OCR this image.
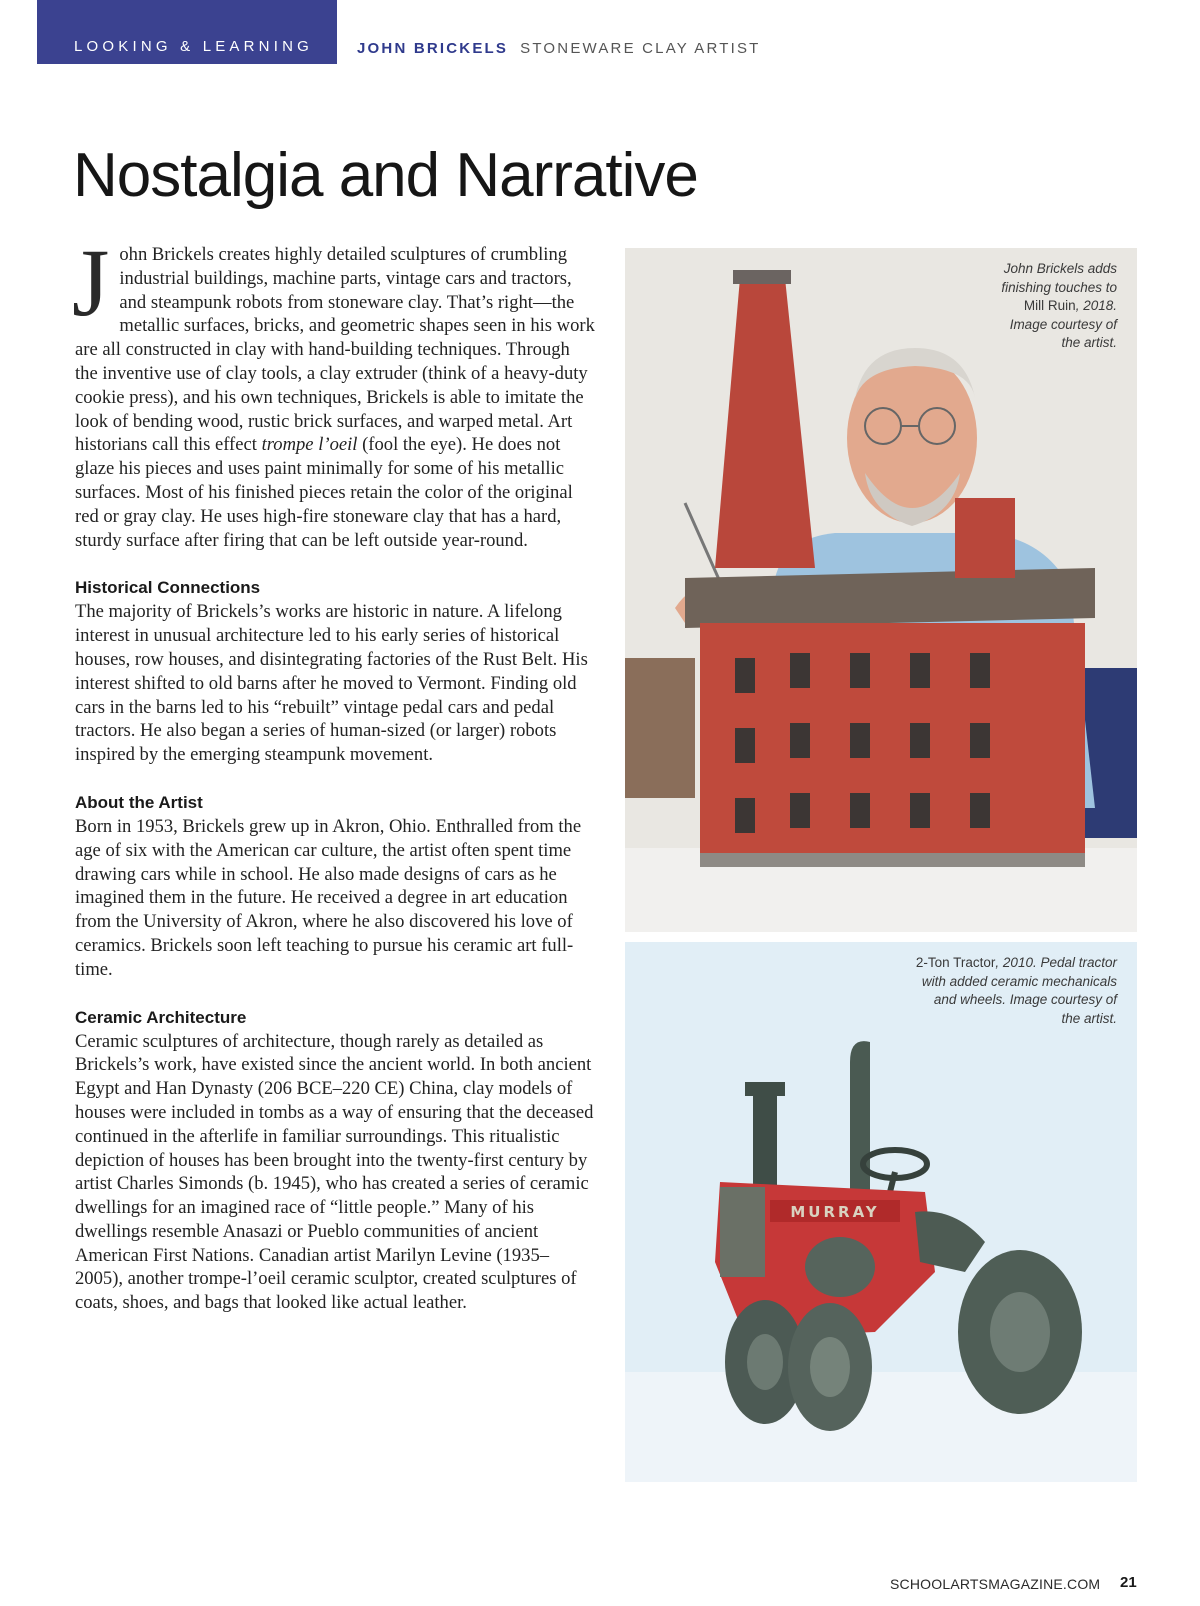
LOOKING & LEARNING	JOHN BRICKELS STONEWARE CLAY ARTIST
Nostalgia and Narrative

John Brickels creates highly detailed sculptures of crumbling industrial buildings, machine parts, vintage cars and tractors, and steampunk robots from stoneware clay. That’s right—the metallic surfaces, bricks, and geometric shapes seen in his work are all constructed in clay with hand-building techniques. Through the inventive use of clay tools, a clay extruder (think of a heavy-duty cookie press), and his own techniques, Brickels is able to imitate the look of bending wood, rustic brick surfaces, and warped metal. Art historians call this effect trompe l’oeil (fool the eye). He does not glaze his pieces and uses paint minimally for some of his metallic surfaces. Most of his finished pieces retain the color of the original red or gray clay. He uses high-fire stoneware clay that has a hard, sturdy surface after firing that can be left outside year-round.

Historical Connections

The majority of Brickels’s works are historic in nature. A lifelong interest in unusual architecture led to his early series of historical houses, row houses, and disintegrating factories of the Rust Belt. His interest shifted to old barns after he moved to Vermont. Finding old cars in the barns led to his “rebuilt” vintage pedal cars and pedal tractors. He also began a series of human-sized (or larger) robots inspired by the emerging steampunk movement.

About the Artist

Born in 1953, Brickels grew up in Akron, Ohio. Enthralled from the age of six with the American car culture, the artist often spent time drawing cars while in school. He also made designs of cars as he imagined them in the future. He received a degree in art education from the University of Akron, where he also discovered his love of ceramics. Brickels soon left teaching to pursue his ceramic art full-time.

Ceramic Architecture

Ceramic sculptures of architecture, though rarely as detailed as Brickels’s work, have existed since the ancient world. In both ancient Egypt and Han Dynasty (206 BCE–220 CE) China, clay models of houses were included in tombs as a way of ensuring that the deceased continued in the afterlife in familiar surroundings. This ritualistic depiction of houses has been brought into the twenty-first century by artist Charles Simonds (b. 1945), who has created a series of ceramic dwellings for an imagined race of “little people.” Many of his dwellings resemble Anasazi or Pueblo communities of ancient American First Nations. Canadian artist Marilyn Levine (1935–2005), another trompe-l’oeil ceramic sculptor, created sculptures of coats, shoes, and bags that looked like actual leather.

John Brickels adds finishing touches to Mill Ruin, 2018. Image courtesy of the artist.
MURRAY
2-Ton Tractor, 2010. Pedal tractor with added ceramic mechanicals and wheels. Image courtesy of the artist.
SCHOOLARTSMAGAZINE.COM 21
